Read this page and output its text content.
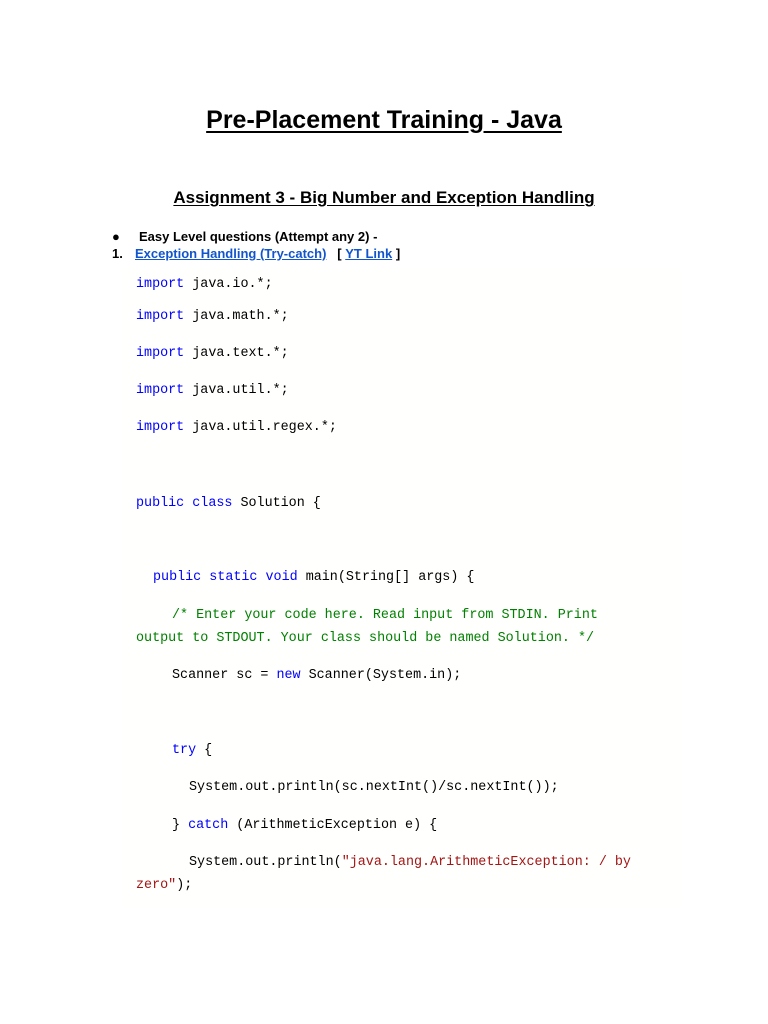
Pre-Placement Training - Java
Assignment 3 - Big Number and Exception Handling
● Easy Level questions (Attempt any 2) -
1. Exception Handling (Try-catch) [ YT Link ]
import java.io.*;
import java.math.*;
import java.text.*;
import java.util.*;
import java.util.regex.*;
public class Solution {
public static void main(String[] args) {
/* Enter your code here. Read input from STDIN. Print
output to STDOUT. Your class should be named Solution. */
Scanner sc = new Scanner(System.in);
try {
System.out.println(sc.nextInt()/sc.nextInt());
} catch (ArithmeticException e) {
System.out.println("java.lang.ArithmeticException: / by
zero");
